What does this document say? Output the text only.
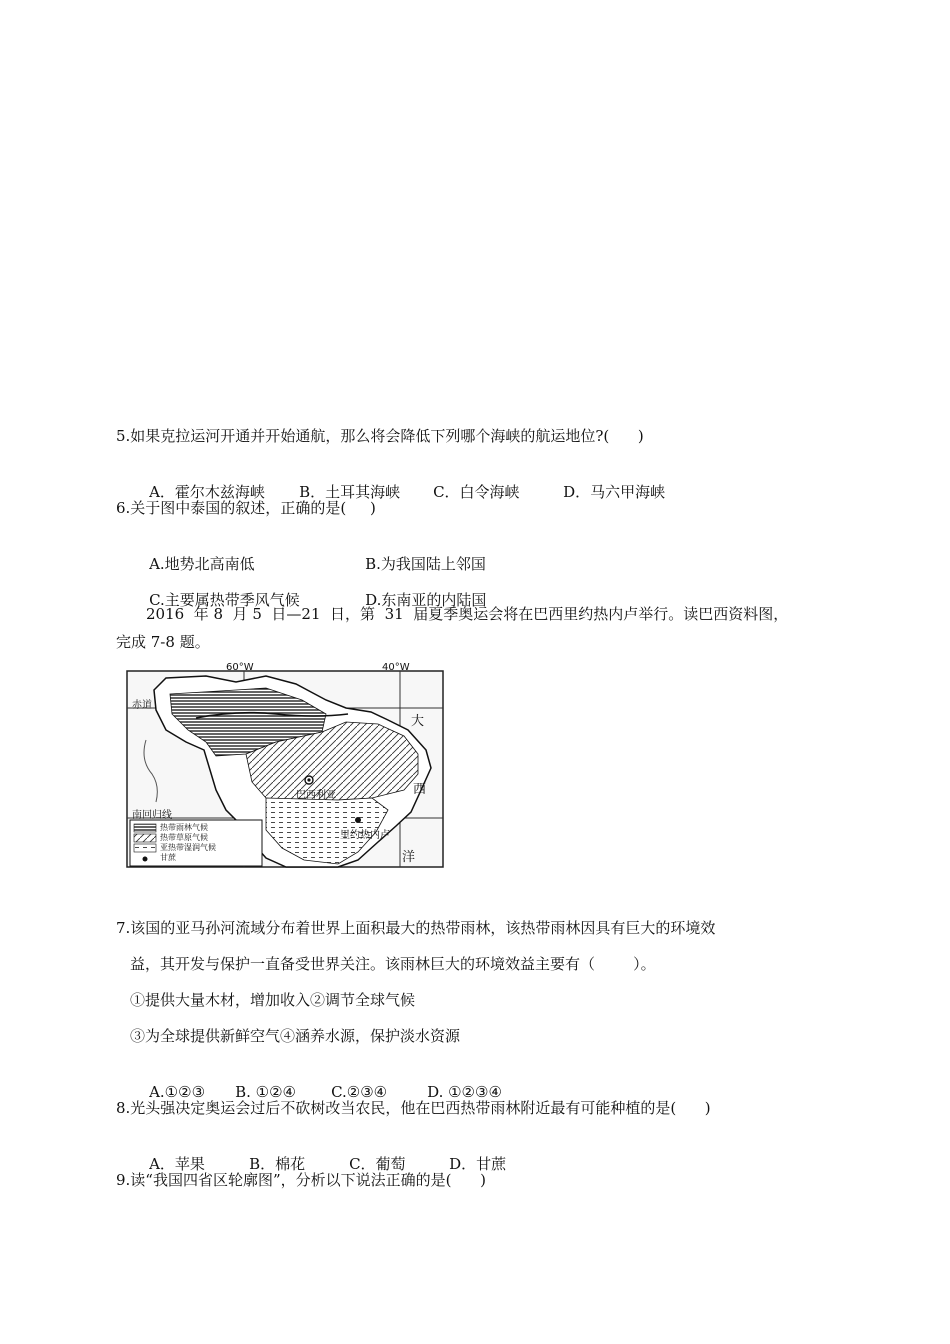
5.如果克拉运河开通并开始通航，那么将会降低下列哪个海峡的航运地位?(      )

A．霍尔木兹海峡 B．土耳其海峡 C．白令海峡	D．马六甲海峡

6.关于图中泰国的叙述，正确的是(     )

A.地势北高南低	B.为我国陆上邻国

C.主要属热带季风气候	D.东南亚的内陆国

2016  年 8  月 5  日—21  日，第  31  届夏季奥运会将在巴西里约热内卢举行。读巴西资料图，
完成 7-8 题。
60°W	40°W
赤道
南回归线
巴西利亚
里约热内卢
大
西
洋
热带雨林气候
热带草原气候
亚热带湿润气候
甘蔗
7.该国的亚马孙河流域分布着世界上面积最大的热带雨林，该热带雨林因具有巨大的环境效
益，其开发与保护一直备受世界关注。该雨林巨大的环境效益主要有（        ）。
①提供大量木材，增加收入②调节全球气候
③为全球提供新鲜空气④涵养水源，保护淡水资源

A.①②③ B. ①②④ C.②③④	D. ①②③④

8.光头强决定奥运会过后不砍树改当农民，他在巴西热带雨林附近最有可能种植的是(      )

A．苹果	B．棉花	C．葡萄	D．甘蔗

9.读“我国四省区轮廓图”，分析以下说法正确的是(      )
